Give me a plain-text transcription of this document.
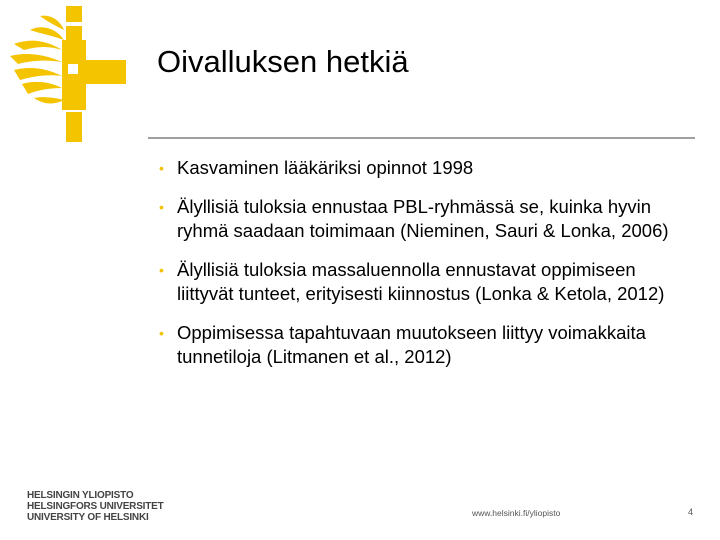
Oivalluksen hetkiä
• Kasvaminen lääkäriksi opinnot 1998
• Älyllisiä tuloksia ennustaa PBL-ryhmässä se, kuinka hyvin ryhmä saadaan toimimaan (Nieminen, Sauri & Lonka, 2006)
• Älyllisiä tuloksia massaluennolla ennustavat oppimiseen liittyvät tunteet, erityisesti kiinnostus (Lonka & Ketola, 2012)
• Oppimisessa tapahtuvaan muutokseen liittyy voimakkaita tunnetiloja (Litmanen et al., 2012)
HELSINGIN YLIOPISTO
HELSINGFORS UNIVERSITET
UNIVERSITY OF HELSINKI	www.helsinki.fi/yliopisto	4
